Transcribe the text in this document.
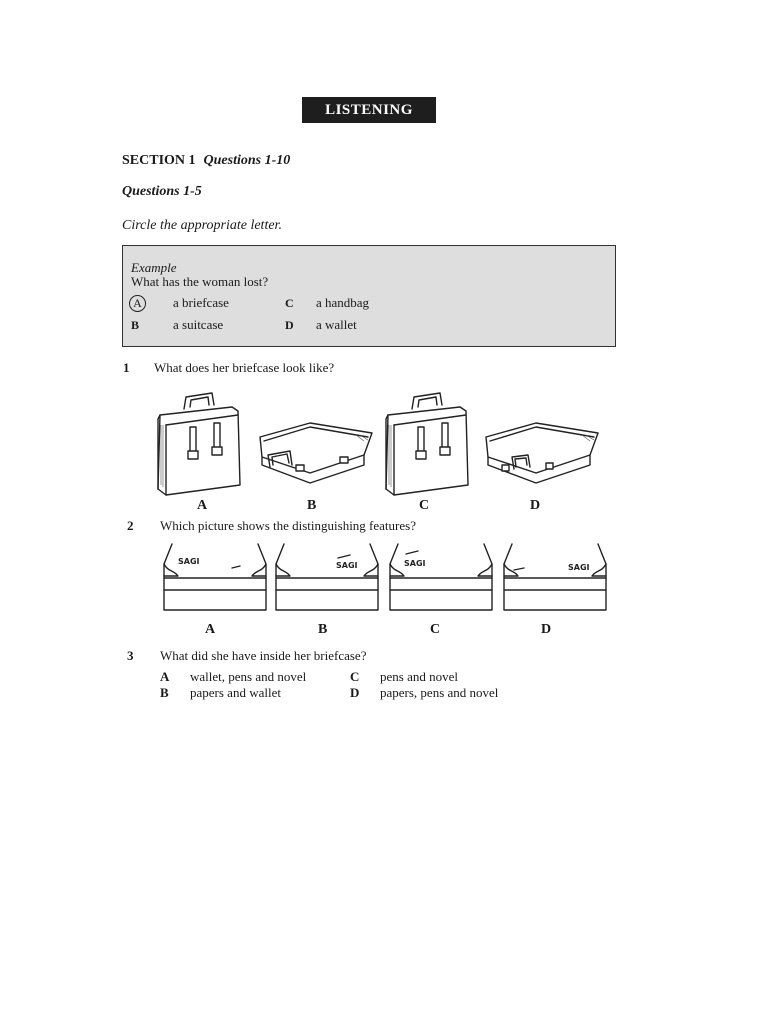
LISTENING
SECTION 1 Questions 1-10
Questions 1-5
Circle the appropriate letter.
Example
What has the woman lost?
A	a briefcase
B	a suitcase
C a handbag
D a wallet
1 What does her briefcase look like?
A	B	C	D
2 Which picture shows the distinguishing features?
SAGI	SAGI	SAGI	SAGI
A	B	C	D
3 What did she have inside her briefcase?
A wallet, pens and novel
B papers and wallet
C pens and novel
D papers, pens and novel
